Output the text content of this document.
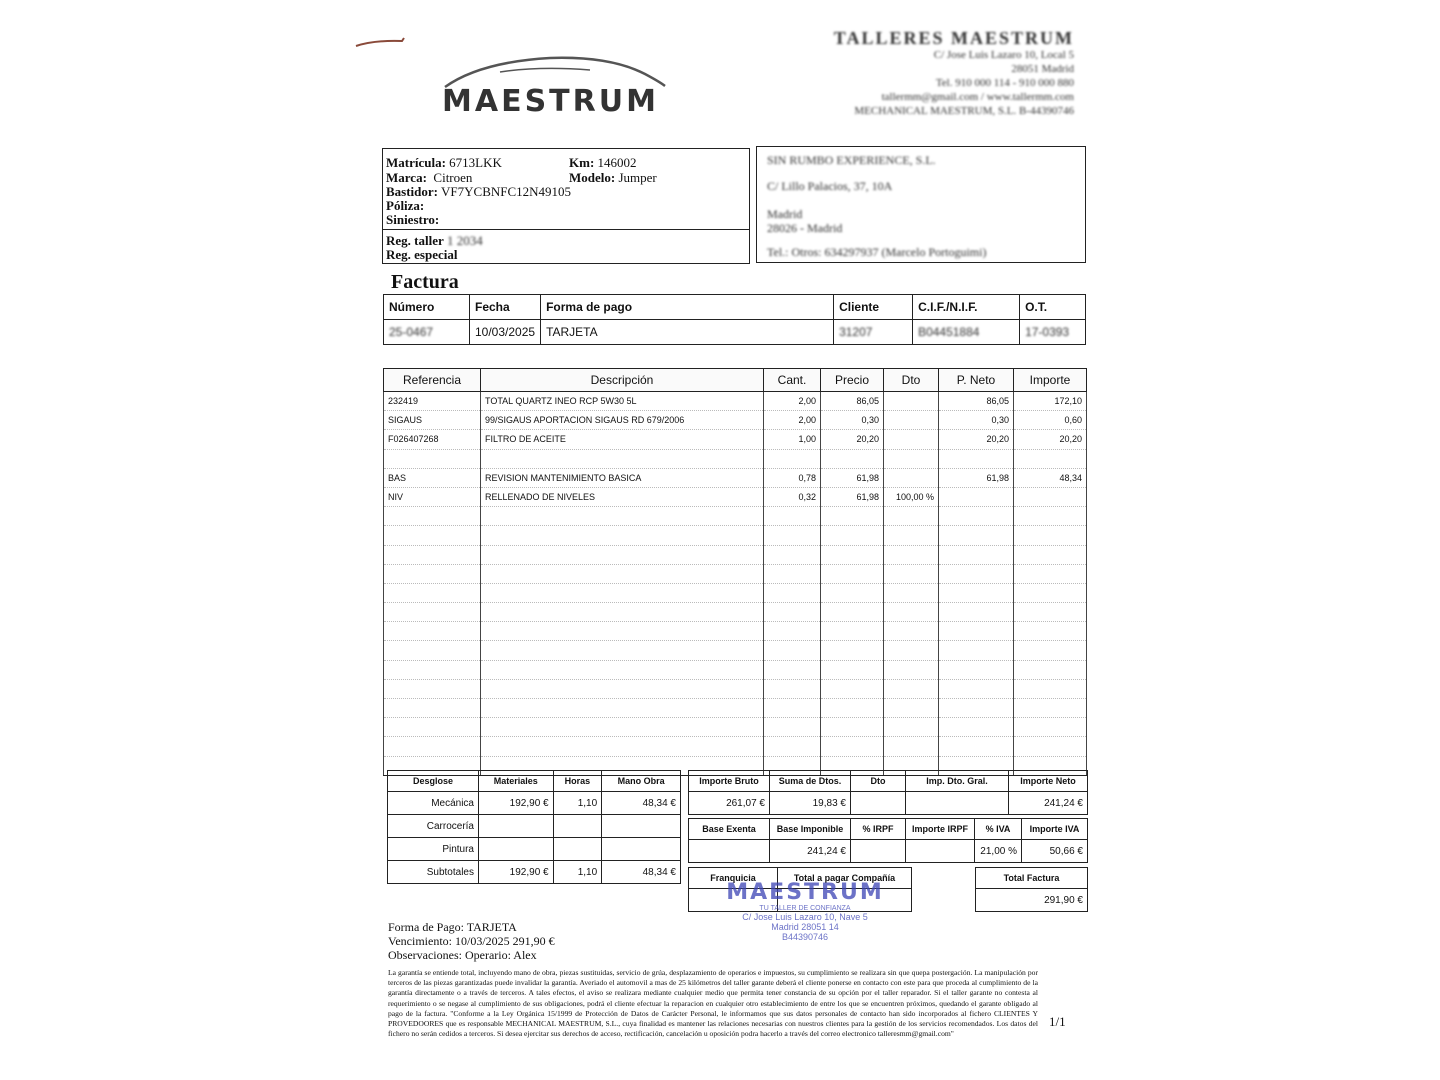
MAESTRUM
TALLERES MAESTRUM
C/ Jose Luis Lazaro 10, Local 5
28051 Madrid
Tel. 910 000 114 - 910 000 880
tallermm@gmail.com / www.tallermm.com
MECHANICAL MAESTRUM, S.L. B-44390746
Matrícula: 6713LKK	Km: 146002
Marca: Citroen	Modelo: Jumper
Bastidor: VF7YCBNFC12N49105
Póliza:
Siniestro:
Reg. taller 1 2034
Reg. especial
SIN RUMBO EXPERIENCE, S.L.
C/ Lillo Palacios, 37, 10A
Madrid
28026 - Madrid
Tel.: Otros: 634297937 (Marcelo Portoguimi)
Factura
Número	Fecha	Forma de pago	Cliente	C.I.F./N.I.F.	O.T.
25-0467	10/03/2025	TARJETA	31207	B04451884	17-0393
Referencia	Descripción	Cant.	Precio	Dto	P. Neto	Importe
232419	TOTAL QUARTZ INEO RCP 5W30 5L	2,00	86,05		86,05	172,10
SIGAUS	99/SIGAUS APORTACION SIGAUS RD 679/2006	2,00	0,30		0,30	0,60
F026407268	FILTRO DE ACEITE	1,00	20,20		20,20	20,20

BAS	REVISION MANTENIMIENTO BASICA	0,78	61,98		61,98	48,34
NIV	RELLENADO DE NIVELES	0,32	61,98	100,00 %		

Desglose	Materiales	Horas	Mano Obra
Mecánica	192,90 €	1,10	48,34 €
Carrocería			
Pintura			
Subtotales	192,90 €	1,10	48,34 €
Importe Bruto	Suma de Dtos.	Dto	Imp. Dto. Gral.	Importe Neto
261,07 €	19,83 €			241,24 €
Base Exenta	Base Imponible	% IRPF	Importe IRPF	% IVA	Importe IVA
	241,24 €			21,00 %	50,66 €
Franquicia	Total a pagar Compañía
		Total Factura
291,90 €
MAESTRUM
TU TALLER DE CONFIANZA
C/ Jose Luis Lazaro 10, Nave 5
Madrid 28051 14
B44390746
Forma de Pago: TARJETA
Vencimiento: 10/03/2025 291,90 €
Observaciones: Operario: Alex
La garantía se entiende total, incluyendo mano de obra, piezas sustituidas, servicio de grúa, desplazamiento de operarios e impuestos, su cumplimiento se realizara sin que quepa postergación. La manipulación por terceros de las piezas garantizadas puede invalidar la garantía. Averiado el automovil a mas de 25 kilómetros del taller garante deberá el cliente ponerse en contacto con este para que proceda al cumplimiento de la garantía directamente o a través de terceros. A tales efectos, el aviso se realizara mediante cualquier medio que permita tener constancia de su opción por el taller reparador. Si el taller garante no contesta al requerimiento o se negase al cumplimiento de sus obligaciones, podrá el cliente efectuar la reparacion en cualquier otro establecimiento de entre los que se encuentren próximos, quedando el garante obligado al pago de la factura. "Conforme a la Ley Orgánica 15/1999 de Protección de Datos de Carácter Personal, le informamos que sus datos personales de contacto han sido incorporados al fichero CLIENTES Y PROVEDOORES que es responsable MECHANICAL MAESTRUM, S.L., cuya finalidad es mantener las relaciones necesarias con nuestros clientes para la gestión de los servicios recomendados. Los datos del fichero no serán cedidos a terceros. Si desea ejercitar sus derechos de acceso, rectificación, cancelación u oposición podra hacerlo a través del correo electronico talleresmm@gmail.com"
1/1
